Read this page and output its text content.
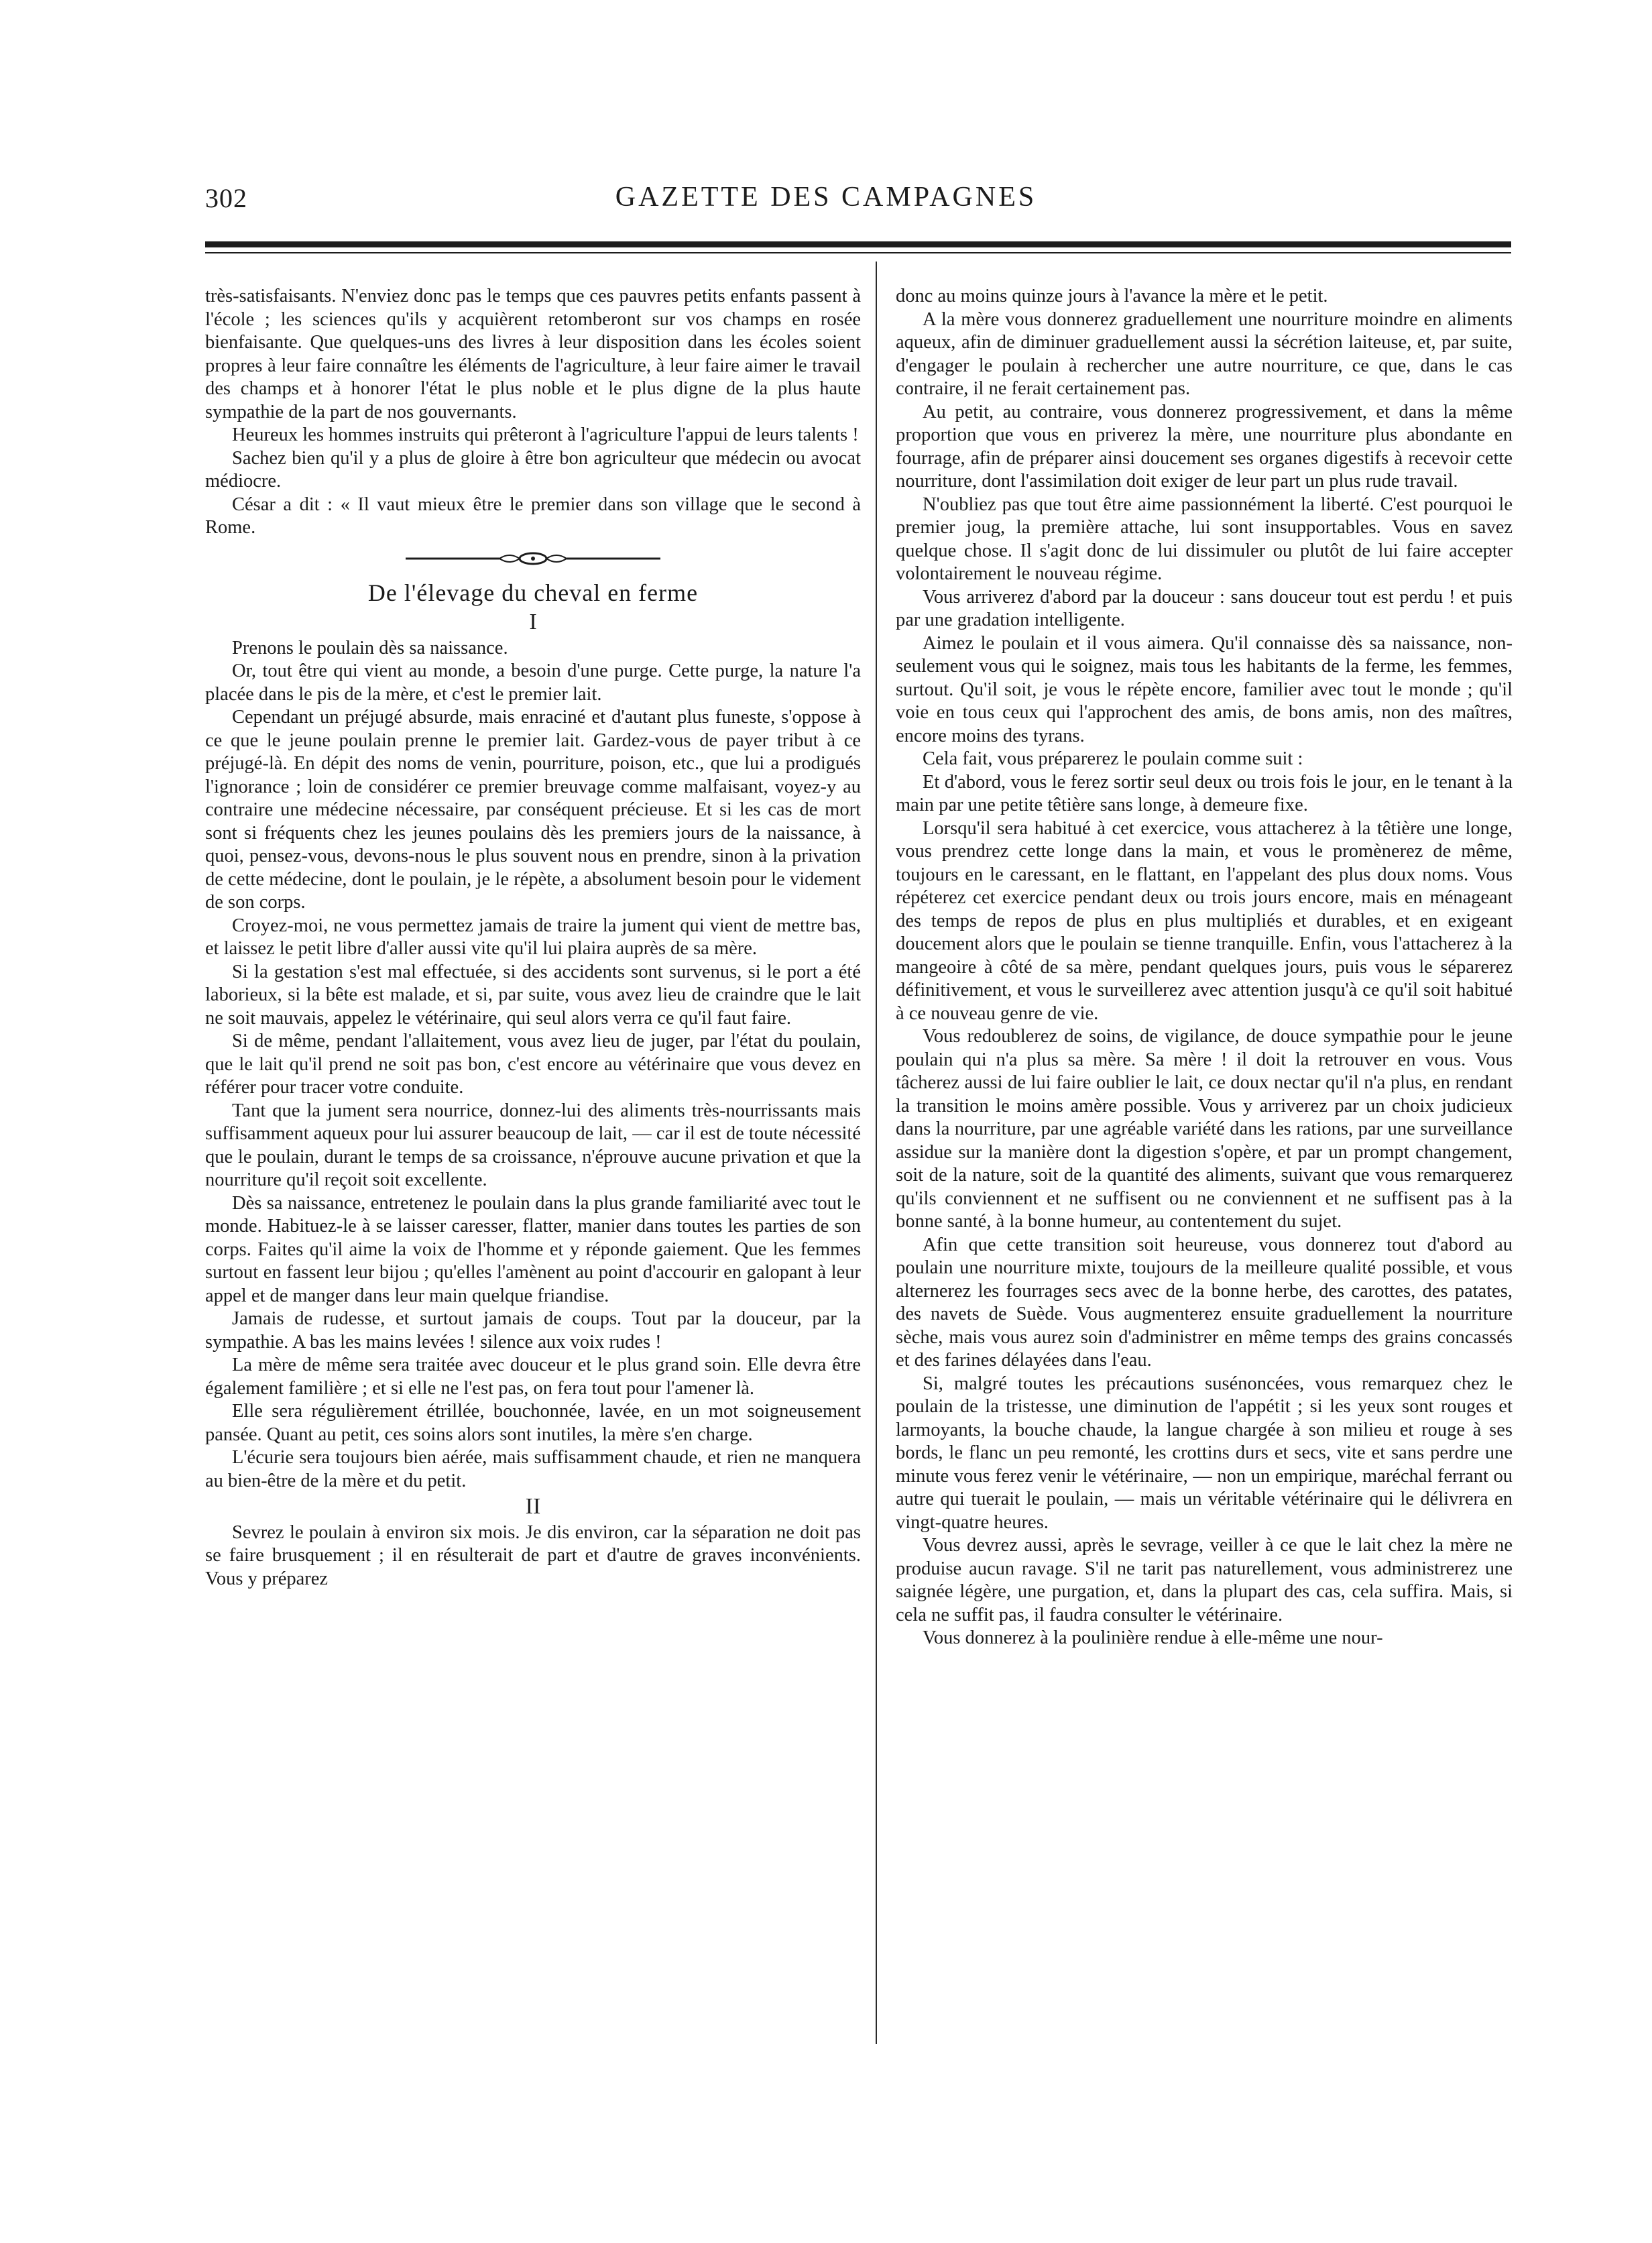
302	GAZETTE DES CAMPAGNES

très-satisfaisants. N'enviez donc pas le temps que ces pauvres petits enfants passent à l'école ; les sciences qu'ils y acquièrent retomberont sur vos champs en rosée bienfaisante. Que quelques-uns des livres à leur disposition dans les écoles soient propres à leur faire connaître les éléments de l'agriculture, à leur faire aimer le travail des champs et à honorer l'état le plus noble et le plus digne de la plus haute sympathie de la part de nos gouvernants.

Heureux les hommes instruits qui prêteront à l'agriculture l'appui de leurs talents !

Sachez bien qu'il y a plus de gloire à être bon agriculteur que médecin ou avocat médiocre.

César a dit : « Il vaut mieux être le premier dans son village que le second à Rome.

De l'élevage du cheval en ferme
I

Prenons le poulain dès sa naissance.

Or, tout être qui vient au monde, a besoin d'une purge. Cette purge, la nature l'a placée dans le pis de la mère, et c'est le premier lait.

Cependant un préjugé absurde, mais enraciné et d'autant plus funeste, s'oppose à ce que le jeune poulain prenne le premier lait. Gardez-vous de payer tribut à ce préjugé-là. En dépit des noms de venin, pourriture, poison, etc., que lui a prodigués l'ignorance ; loin de considérer ce premier breuvage comme malfaisant, voyez-y au contraire une médecine nécessaire, par conséquent précieuse. Et si les cas de mort sont si fréquents chez les jeunes poulains dès les premiers jours de la naissance, à quoi, pensez-vous, devons-nous le plus souvent nous en prendre, sinon à la privation de cette médecine, dont le poulain, je le répète, a absolument besoin pour le videment de son corps.

Croyez-moi, ne vous permettez jamais de traire la jument qui vient de mettre bas, et laissez le petit libre d'aller aussi vite qu'il lui plaira auprès de sa mère.

Si la gestation s'est mal effectuée, si des accidents sont survenus, si le port a été laborieux, si la bête est malade, et si, par suite, vous avez lieu de craindre que le lait ne soit mauvais, appelez le vétérinaire, qui seul alors verra ce qu'il faut faire.

Si de même, pendant l'allaitement, vous avez lieu de juger, par l'état du poulain, que le lait qu'il prend ne soit pas bon, c'est encore au vétérinaire que vous devez en référer pour tracer votre conduite.

Tant que la jument sera nourrice, donnez-lui des aliments très-nourrissants mais suffisamment aqueux pour lui assurer beaucoup de lait, — car il est de toute nécessité que le poulain, durant le temps de sa croissance, n'éprouve aucune privation et que la nourriture qu'il reçoit soit excellente.

Dès sa naissance, entretenez le poulain dans la plus grande familiarité avec tout le monde. Habituez-le à se laisser caresser, flatter, manier dans toutes les parties de son corps. Faites qu'il aime la voix de l'homme et y réponde gaiement. Que les femmes surtout en fassent leur bijou ; qu'elles l'amènent au point d'accourir en galopant à leur appel et de manger dans leur main quelque friandise.

Jamais de rudesse, et surtout jamais de coups. Tout par la douceur, par la sympathie. A bas les mains levées ! silence aux voix rudes !

La mère de même sera traitée avec douceur et le plus grand soin. Elle devra être également familière ; et si elle ne l'est pas, on fera tout pour l'amener là.

Elle sera régulièrement étrillée, bouchonnée, lavée, en un mot soigneusement pansée. Quant au petit, ces soins alors sont inutiles, la mère s'en charge.

L'écurie sera toujours bien aérée, mais suffisamment chaude, et rien ne manquera au bien-être de la mère et du petit.

II

Sevrez le poulain à environ six mois. Je dis environ, car la séparation ne doit pas se faire brusquement ; il en résulterait de part et d'autre de graves inconvénients. Vous y préparez

donc au moins quinze jours à l'avance la mère et le petit.

A la mère vous donnerez graduellement une nourriture moindre en aliments aqueux, afin de diminuer graduellement aussi la sécrétion laiteuse, et, par suite, d'engager le poulain à rechercher une autre nourriture, ce que, dans le cas contraire, il ne ferait certainement pas.

Au petit, au contraire, vous donnerez progressivement, et dans la même proportion que vous en priverez la mère, une nourriture plus abondante en fourrage, afin de préparer ainsi doucement ses organes digestifs à recevoir cette nourriture, dont l'assimilation doit exiger de leur part un plus rude travail.

N'oubliez pas que tout être aime passionnément la liberté. C'est pourquoi le premier joug, la première attache, lui sont insupportables. Vous en savez quelque chose. Il s'agit donc de lui dissimuler ou plutôt de lui faire accepter volontairement le nouveau régime.

Vous arriverez d'abord par la douceur : sans douceur tout est perdu ! et puis par une gradation intelligente.

Aimez le poulain et il vous aimera. Qu'il connaisse dès sa naissance, non-seulement vous qui le soignez, mais tous les habitants de la ferme, les femmes, surtout. Qu'il soit, je vous le répète encore, familier avec tout le monde ; qu'il voie en tous ceux qui l'approchent des amis, de bons amis, non des maîtres, encore moins des tyrans.

Cela fait, vous préparerez le poulain comme suit :

Et d'abord, vous le ferez sortir seul deux ou trois fois le jour, en le tenant à la main par une petite têtière sans longe, à demeure fixe.

Lorsqu'il sera habitué à cet exercice, vous attacherez à la têtière une longe, vous prendrez cette longe dans la main, et vous le promènerez de même, toujours en le caressant, en le flattant, en l'appelant des plus doux noms. Vous répéterez cet exercice pendant deux ou trois jours encore, mais en ménageant des temps de repos de plus en plus multipliés et durables, et en exigeant doucement alors que le poulain se tienne tranquille. Enfin, vous l'attacherez à la mangeoire à côté de sa mère, pendant quelques jours, puis vous le séparerez définitivement, et vous le surveillerez avec attention jusqu'à ce qu'il soit habitué à ce nouveau genre de vie.

Vous redoublerez de soins, de vigilance, de douce sympathie pour le jeune poulain qui n'a plus sa mère. Sa mère ! il doit la retrouver en vous. Vous tâcherez aussi de lui faire oublier le lait, ce doux nectar qu'il n'a plus, en rendant la transition le moins amère possible. Vous y arriverez par un choix judicieux dans la nourriture, par une agréable variété dans les rations, par une surveillance assidue sur la manière dont la digestion s'opère, et par un prompt changement, soit de la nature, soit de la quantité des aliments, suivant que vous remarquerez qu'ils conviennent et ne suffisent ou ne conviennent et ne suffisent pas à la bonne santé, à la bonne humeur, au contentement du sujet.

Afin que cette transition soit heureuse, vous donnerez tout d'abord au poulain une nourriture mixte, toujours de la meilleure qualité possible, et vous alternerez les fourrages secs avec de la bonne herbe, des carottes, des patates, des navets de Suède. Vous augmenterez ensuite graduellement la nourriture sèche, mais vous aurez soin d'administrer en même temps des grains concassés et des farines délayées dans l'eau.

Si, malgré toutes les précautions susénoncées, vous remarquez chez le poulain de la tristesse, une diminution de l'appétit ; si les yeux sont rouges et larmoyants, la bouche chaude, la langue chargée à son milieu et rouge à ses bords, le flanc un peu remonté, les crottins durs et secs, vite et sans perdre une minute vous ferez venir le vétérinaire, — non un empirique, maréchal ferrant ou autre qui tuerait le poulain, — mais un véritable vétérinaire qui le délivrera en vingt-quatre heures.

Vous devrez aussi, après le sevrage, veiller à ce que le lait chez la mère ne produise aucun ravage. S'il ne tarit pas naturellement, vous administrerez une saignée légère, une purgation, et, dans la plupart des cas, cela suffira. Mais, si cela ne suffit pas, il faudra consulter le vétérinaire.

Vous donnerez à la poulinière rendue à elle-même une nour-
